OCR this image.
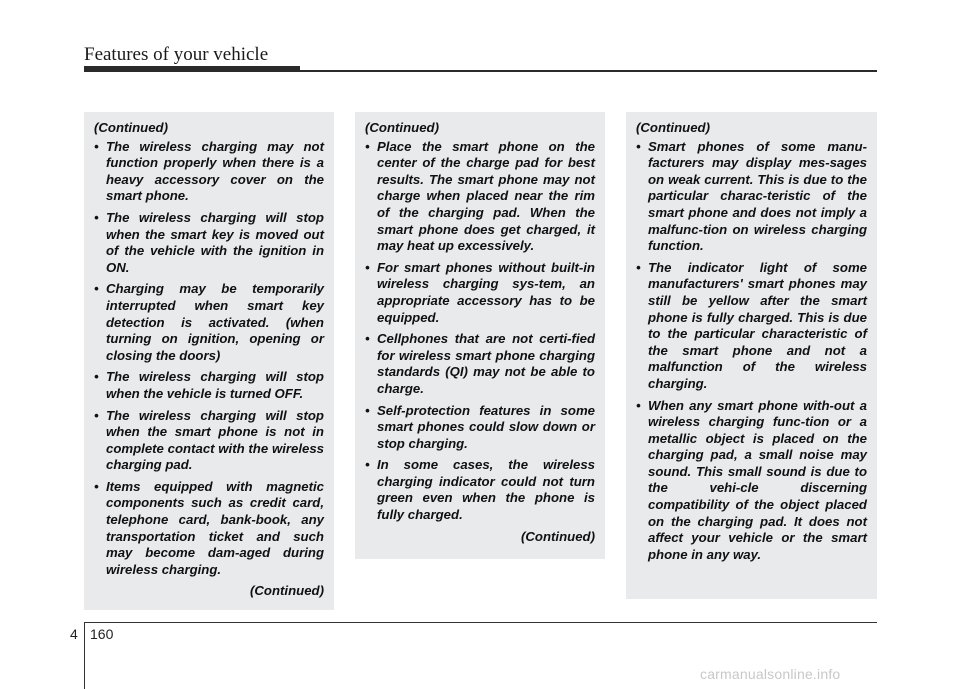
Features of your vehicle
(Continued)
• The wireless charging may not function properly when there is a heavy accessory cover on the smart phone.
• The wireless charging will stop when the smart key is moved out of the vehicle with the ignition in ON.
• Charging may be temporarily interrupted when smart key detection is activated. (when turning on ignition, opening or closing the doors)
• The wireless charging will stop when the vehicle is turned OFF.
• The wireless charging will stop when the smart phone is not in complete contact with the wireless charging pad.
• Items equipped with magnetic components such as credit card, telephone card, bank-book, any transportation ticket and such may become dam-aged during wireless charging.
(Continued)
(Continued)
• Place the smart phone on the center of the charge pad for best results. The smart phone may not charge when placed near the rim of the charging pad. When the smart phone does get charged, it may heat up excessively.
• For smart phones without built-in wireless charging sys-tem, an appropriate accessory has to be equipped.
• Cellphones that are not certi-fied for wireless smart phone charging standards (QI) may not be able to charge.
• Self-protection features in some smart phones could slow down or stop charging.
• In some cases, the wireless charging indicator could not turn green even when the phone is fully charged.
(Continued)
(Continued)
• Smart phones of some manu-facturers may display mes-sages on weak current. This is due to the particular charac-teristic of the smart phone and does not imply a malfunc-tion on wireless charging function.
• The indicator light of some manufacturers' smart phones may still be yellow after the smart phone is fully charged. This is due to the particular characteristic of the smart phone and not a malfunction of the wireless charging.
• When any smart phone with-out a wireless charging func-tion or a metallic object is placed on the charging pad, a small noise may sound. This small sound is due to the vehi-cle discerning compatibility of the object placed on the charging pad. It does not affect your vehicle or the smart phone in any way.
4 160
carmanualsonline.info
